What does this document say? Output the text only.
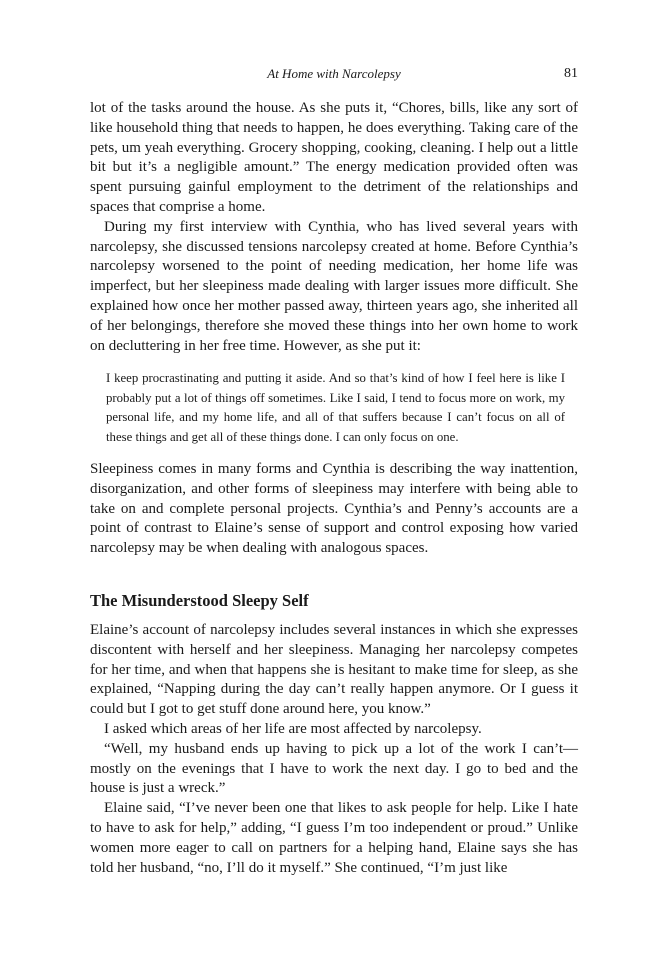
At Home with Narcolepsy	81

lot of the tasks around the house. As she puts it, “Chores, bills, like any sort of like household thing that needs to happen, he does everything. Taking care of the pets, um yeah everything. Grocery shopping, cooking, cleaning. I help out a little bit but it’s a negligible amount.” The energy medication provided often was spent pursuing gainful employment to the detriment of the relationships and spaces that comprise a home.

During my first interview with Cynthia, who has lived several years with narcolepsy, she discussed tensions narcolepsy created at home. Before Cynthia’s narcolepsy worsened to the point of needing medication, her home life was imperfect, but her sleepiness made dealing with larger issues more difficult. She explained how once her mother passed away, thirteen years ago, she inherited all of her belongings, therefore she moved these things into her own home to work on decluttering in her free time. However, as she put it:

I keep procrastinating and putting it aside. And so that’s kind of how I feel here is like I probably put a lot of things off sometimes. Like I said, I tend to focus more on work, my personal life, and my home life, and all of that suffers because I can’t focus on all of these things and get all of these things done. I can only focus on one.

Sleepiness comes in many forms and Cynthia is describing the way inattention, disorganization, and other forms of sleepiness may interfere with being able to take on and complete personal projects. Cynthia’s and Penny’s accounts are a point of contrast to Elaine’s sense of support and control exposing how varied narcolepsy may be when dealing with analogous spaces.

The Misunderstood Sleepy Self

Elaine’s account of narcolepsy includes several instances in which she expresses discontent with herself and her sleepiness. Managing her narcolepsy competes for her time, and when that happens she is hesitant to make time for sleep, as she explained, “Napping during the day can’t really happen anymore. Or I guess it could but I got to get stuff done around here, you know.”

I asked which areas of her life are most affected by narcolepsy.

“Well, my husband ends up having to pick up a lot of the work I can’t— mostly on the evenings that I have to work the next day. I go to bed and the house is just a wreck.”

Elaine said, “I’ve never been one that likes to ask people for help. Like I hate to have to ask for help,” adding, “I guess I’m too independent or proud.” Unlike women more eager to call on partners for a helping hand, Elaine says she has told her husband, “no, I’ll do it myself.” She continued, “I’m just like
